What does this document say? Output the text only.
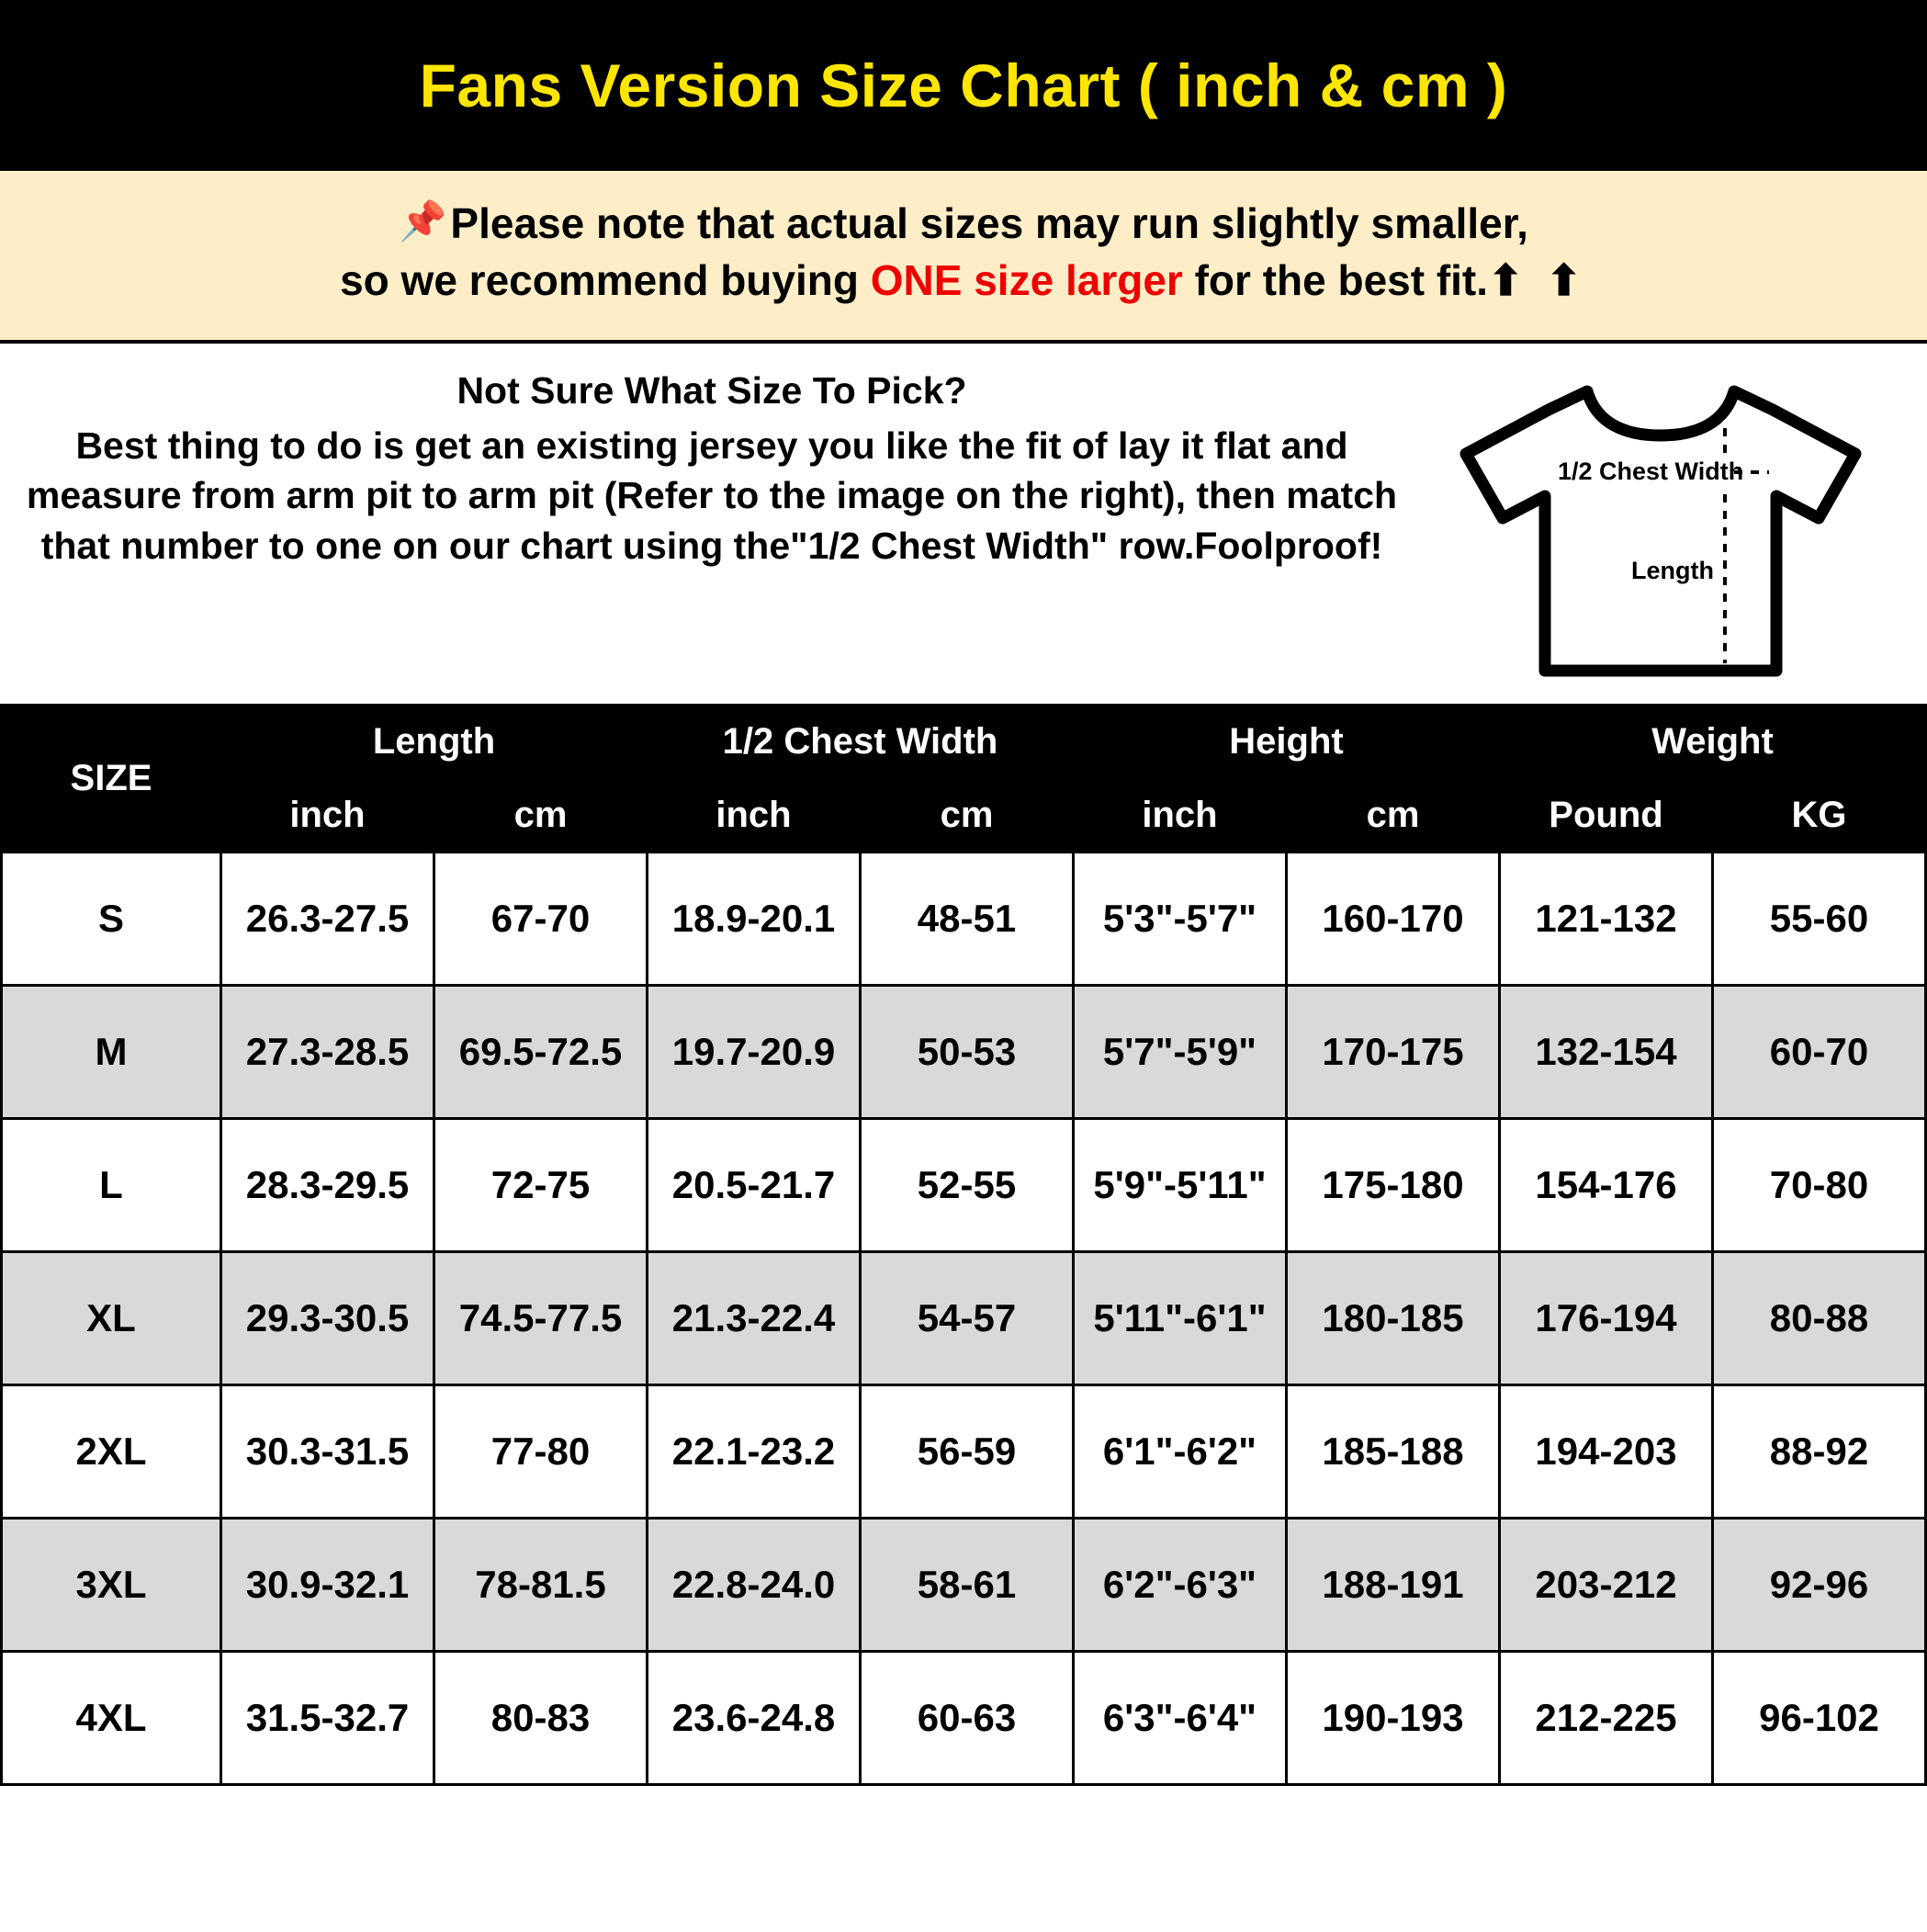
Fans Version Size Chart ( inch & cm )
📌Please note that actual sizes may run slightly smaller,
so we recommend buying ONE size larger for the best fit.⬆ ⬆
Not Sure What Size To Pick?
Best thing to do is get an existing jersey you like the fit of lay it flat and measure from arm pit to arm pit (Refer to the image on the right), then match that number to one on our chart using the"1/2 Chest Width" row.Foolproof!
1/2 Chest Width
Length
SIZE	Length		1/2 Chest Width		Height		Weight	
	inch	cm	inch	cm	inch	cm	Pound	KG
S	26.3-27.5	67-70	18.9-20.1	48-51	5'3"-5'7"	160-170	121-132	55-60
M	27.3-28.5	69.5-72.5	19.7-20.9	50-53	5'7"-5'9"	170-175	132-154	60-70
L	28.3-29.5	72-75	20.5-21.7	52-55	5'9"-5'11"	175-180	154-176	70-80
XL	29.3-30.5	74.5-77.5	21.3-22.4	54-57	5'11"-6'1"	180-185	176-194	80-88
2XL	30.3-31.5	77-80	22.1-23.2	56-59	6'1"-6'2"	185-188	194-203	88-92
3XL	30.9-32.1	78-81.5	22.8-24.0	58-61	6'2"-6'3"	188-191	203-212	92-96
4XL	31.5-32.7	80-83	23.6-24.8	60-63	6'3"-6'4"	190-193	212-225	96-102
